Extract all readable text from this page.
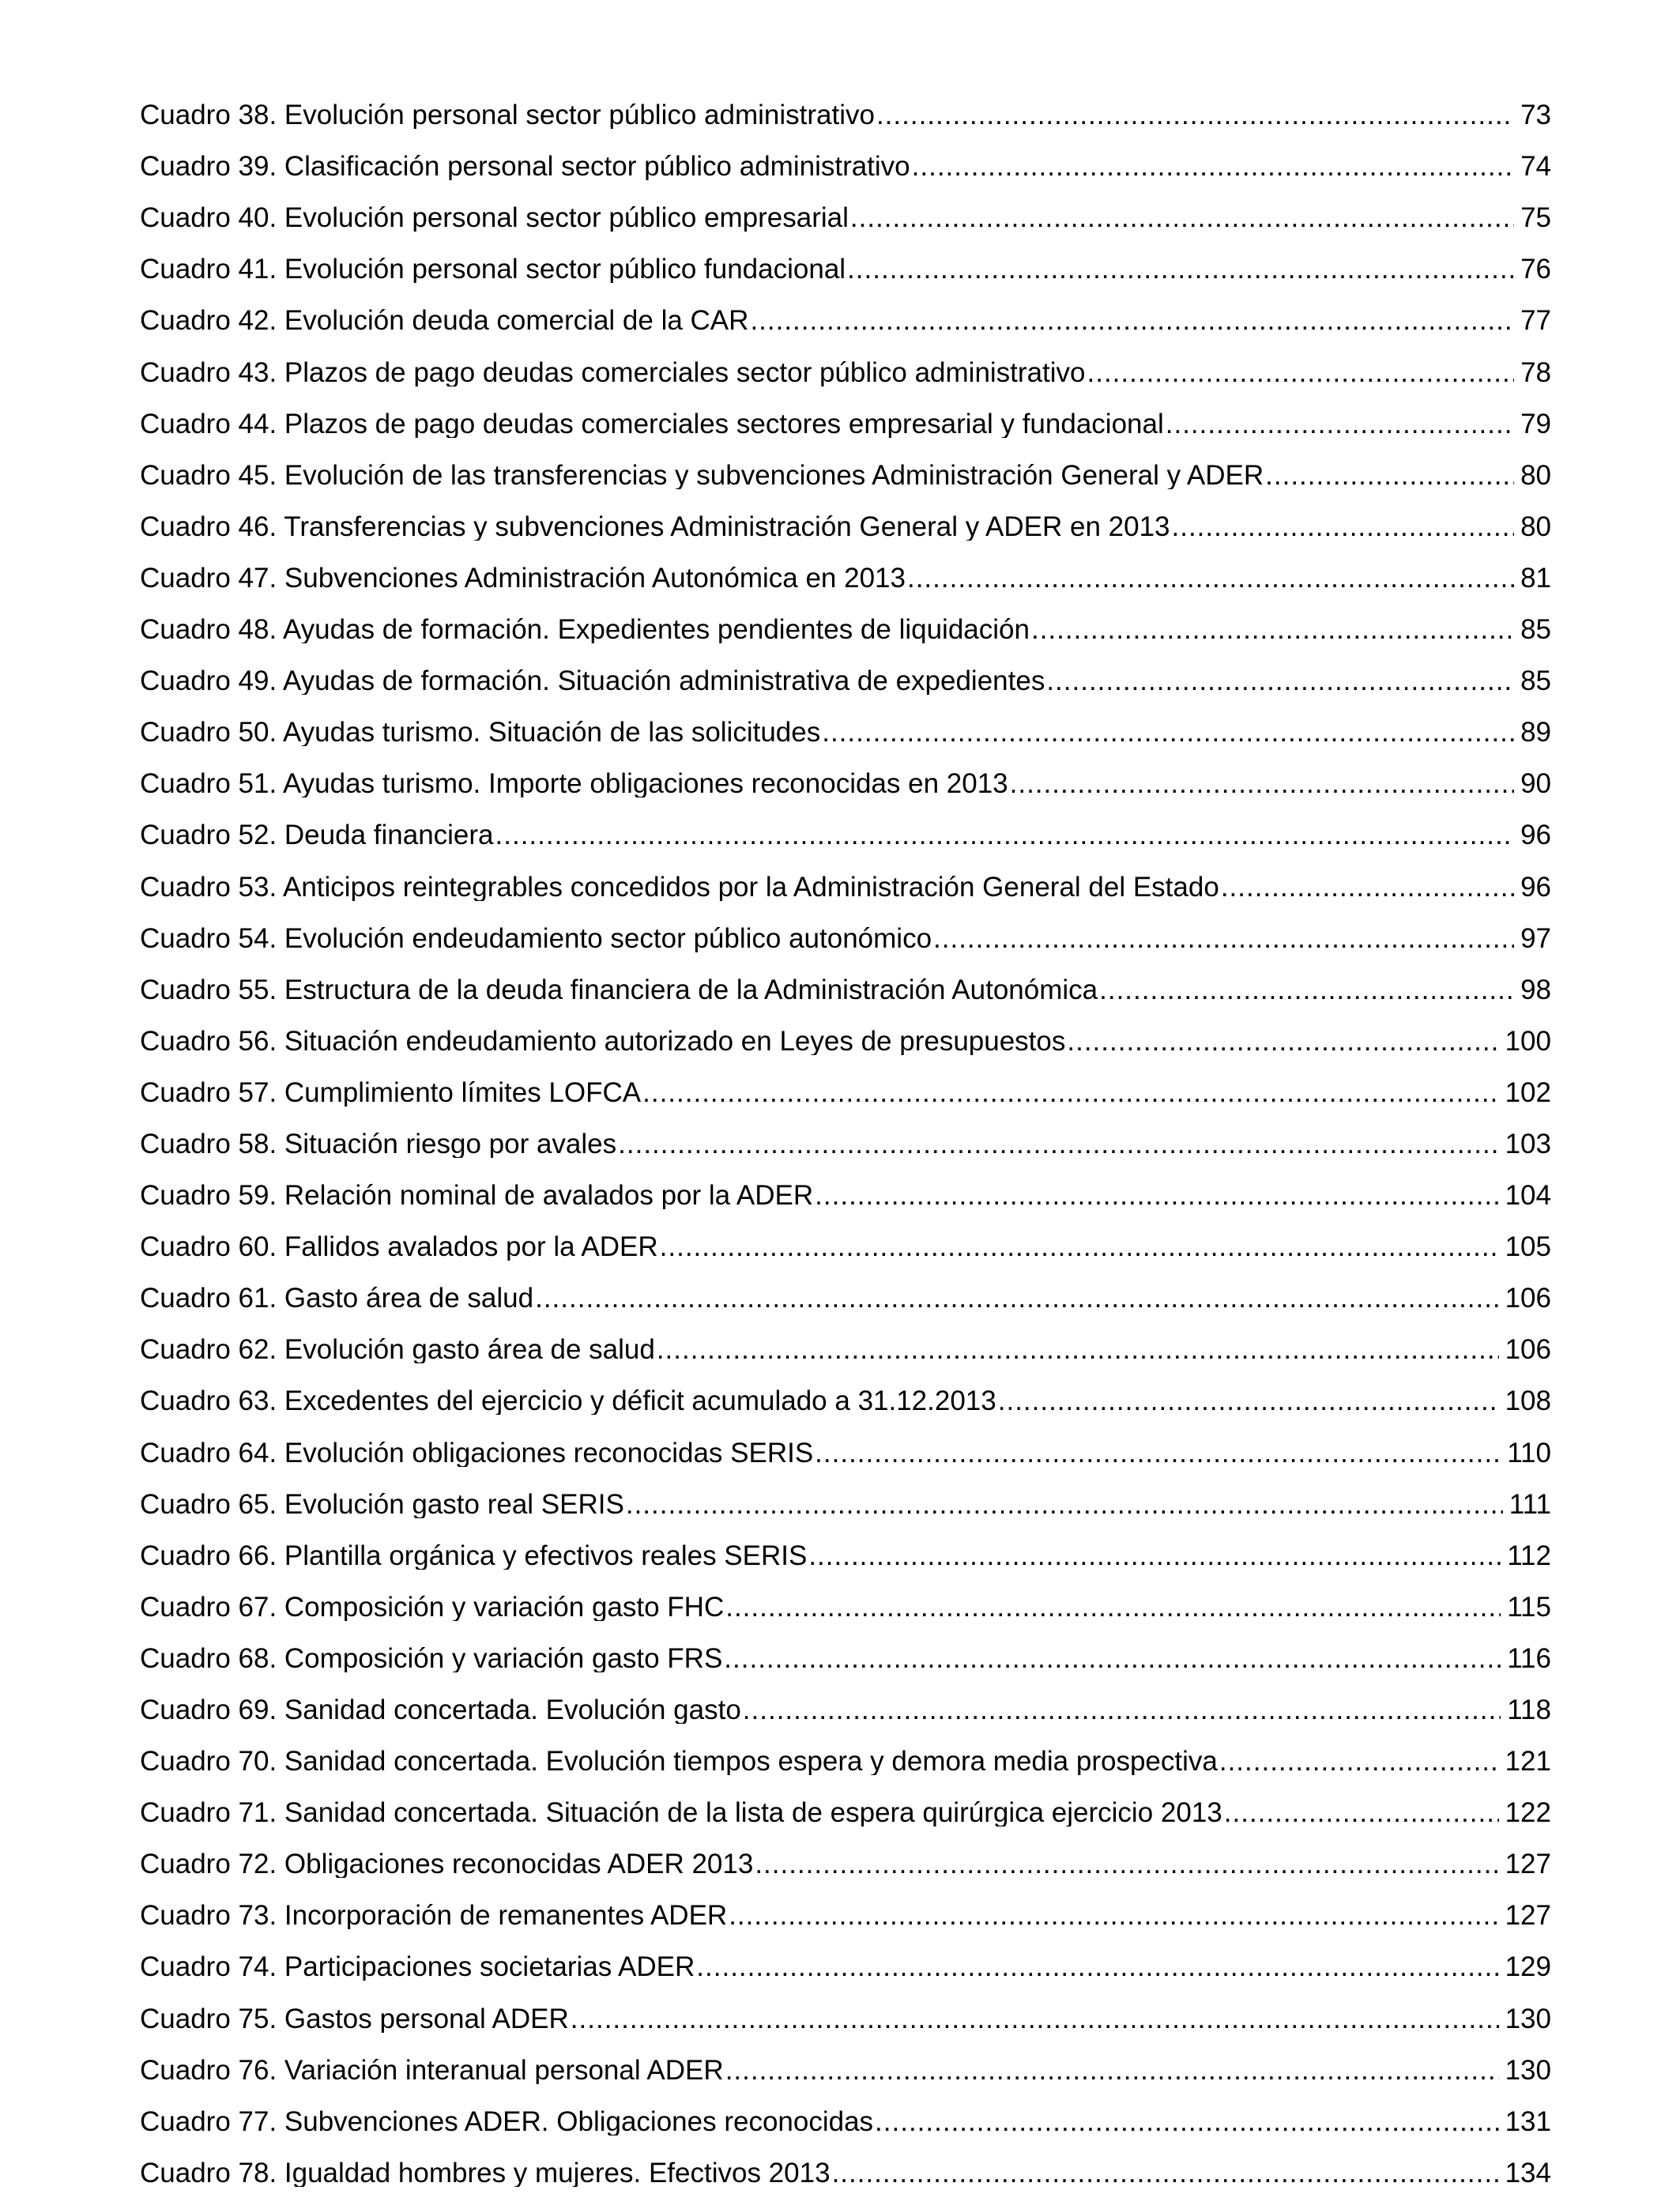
Cuadro 38. Evolución personal sector público administrativo .....	73
Cuadro 39. Clasificación personal sector público administrativo .....	74
Cuadro 40. Evolución personal sector público empresarial .....	75
Cuadro 41. Evolución personal sector público fundacional .....	76
Cuadro 42. Evolución deuda comercial de la CAR .....	77
Cuadro 43. Plazos de pago deudas comerciales sector público administrativo .....	78
Cuadro 44. Plazos de pago deudas comerciales sectores empresarial y fundacional .....	79
Cuadro 45. Evolución de las transferencias y subvenciones Administración General y ADER .....	80
Cuadro 46. Transferencias y subvenciones Administración General y ADER en 2013 .....	80
Cuadro 47. Subvenciones Administración Autonómica en 2013 .....	81
Cuadro 48. Ayudas de formación. Expedientes pendientes de liquidación .....	85
Cuadro 49. Ayudas de formación. Situación administrativa de expedientes .....	85
Cuadro 50. Ayudas turismo. Situación de las solicitudes .....	89
Cuadro 51. Ayudas turismo. Importe obligaciones reconocidas en 2013 .....	90
Cuadro 52. Deuda financiera .....	96
Cuadro 53. Anticipos reintegrables concedidos por la Administración General del Estado .....	96
Cuadro 54. Evolución endeudamiento sector público autonómico .....	97
Cuadro 55. Estructura de la deuda financiera de la Administración Autonómica .....	98
Cuadro 56. Situación endeudamiento autorizado en Leyes de presupuestos .....	100
Cuadro 57. Cumplimiento límites LOFCA .....	102
Cuadro 58. Situación riesgo por avales .....	103
Cuadro 59. Relación nominal de avalados por la ADER .....	104
Cuadro 60. Fallidos avalados por la ADER .....	105
Cuadro 61. Gasto área de salud .....	106
Cuadro 62. Evolución gasto área de salud .....	106
Cuadro 63. Excedentes del ejercicio y déficit acumulado a 31.12.2013 .....	108
Cuadro 64. Evolución obligaciones reconocidas SERIS .....	110
Cuadro 65. Evolución gasto real SERIS .....	111
Cuadro 66. Plantilla orgánica y efectivos reales SERIS .....	112
Cuadro 67. Composición y variación gasto FHC .....	115
Cuadro 68. Composición y variación gasto FRS .....	116
Cuadro 69. Sanidad concertada. Evolución gasto .....	118
Cuadro 70. Sanidad concertada. Evolución tiempos espera y demora media prospectiva .....	121
Cuadro 71. Sanidad concertada. Situación de la lista de espera quirúrgica ejercicio 2013 .....	122
Cuadro 72. Obligaciones reconocidas ADER 2013 .....	127
Cuadro 73. Incorporación de remanentes ADER .....	127
Cuadro 74. Participaciones societarias ADER .....	129
Cuadro 75. Gastos personal ADER .....	130
Cuadro 76. Variación interanual personal ADER .....	130
Cuadro 77. Subvenciones ADER. Obligaciones reconocidas .....	131
Cuadro 78. Igualdad hombres y mujeres. Efectivos 2013 .....	134
